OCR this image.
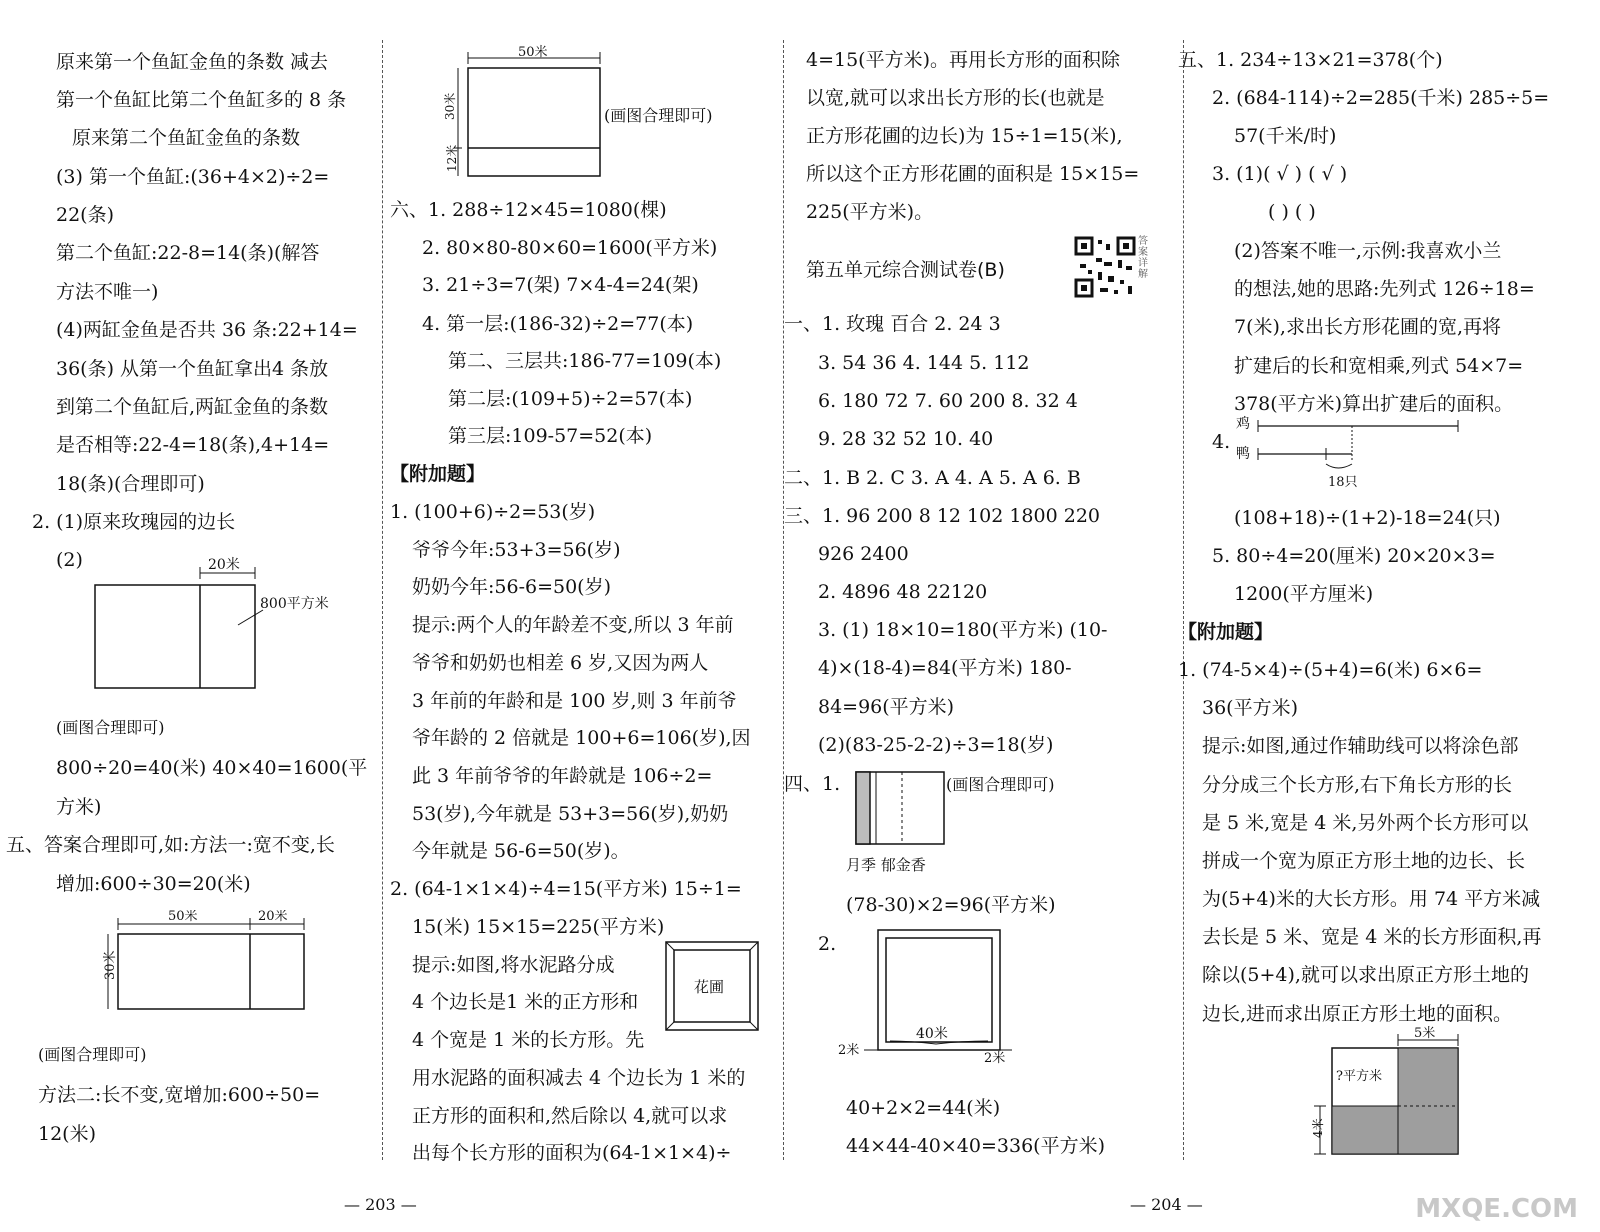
原来第一个鱼缸金鱼的条数 减去
第一个鱼缸比第二个鱼缸多的 8 条
原来第二个鱼缸金鱼的条数
(3) 第一个鱼缸:(36+4×2)÷2=
22(条)
第二个鱼缸:22-8=14(条)(解答
方法不唯一)
(4)两缸金鱼是否共 36 条:22+14=
36(条) 从第一个鱼缸拿出4 条放
到第二个鱼缸后,两缸金鱼的条数
是否相等:22-4=18(条),4+14=
18(条)(合理即可)
2. (1)原来玫瑰园的边长
(2)	20米
800平方米
(画图合理即可)
800÷20=40(米) 40×40=1600(平
方米)
五、答案合理即可,如:方法一:宽不变,长
增加:600÷30=20(米)
50米	20米
30米
(画图合理即可)
方法二:长不变,宽增加:600÷50=
12(米)
50米
30米
12米
(画图合理即可)
六、1. 288÷12×45=1080(棵)
2. 80×80-80×60=1600(平方米)
3. 21÷3=7(架) 7×4-4=24(架)
4. 第一层:(186-32)÷2=77(本)
第二、三层共:186-77=109(本)
第二层:(109+5)÷2=57(本)
第三层:109-57=52(本)
【附加题】
1. (100+6)÷2=53(岁)
爷爷今年:53+3=56(岁)
奶奶今年:56-6=50(岁)
提示:两个人的年龄差不变,所以 3 年前
爷爷和奶奶也相差 6 岁,又因为两人
3 年前的年龄和是 100 岁,则 3 年前爷
爷年龄的 2 倍就是 100+6=106(岁),因
此 3 年前爷爷的年龄就是 106÷2=
53(岁),今年就是 53+3=56(岁),奶奶
今年就是 56-6=50(岁)。
2. (64-1×1×4)÷4=15(平方米) 15÷1=
15(米) 15×15=225(平方米)
提示:如图,将水泥路分成
4 个边长是1 米的正方形和
4 个宽是 1 米的长方形。先
花圃
用水泥路的面积减去 4 个边长为 1 米的
正方形的面积和,然后除以 4,就可以求
出每个长方形的面积为(64-1×1×4)÷
4=15(平方米)。再用长方形的面积除
以宽,就可以求出长方形的长(也就是
正方形花圃的边长)为 15÷1=15(米),
所以这个正方形花圃的面积是 15×15=
225(平方米)。
第五单元综合测试卷(B)
答案详解
一、1. 玫瑰 百合 2. 24 3
3. 54 36 4. 144 5. 112
6. 180 72 7. 60 200 8. 32 4
9. 28 32 52 10. 40
二、1. B 2. C 3. A 4. A 5. A 6. B
三、1. 96 200 8 12 102 1800 220
926 2400
2. 4896 48 22120
3. (1) 18×10=180(平方米) (10-
4)×(18-4)=84(平方米) 180-
84=96(平方米)
(2)(83-25-2-2)÷3=18(岁)
四、1.	(画图合理即可)
月季 郁金香
(78-30)×2=96(平方米)
2.
40米
2米
2米
40+2×2=44(米)
44×44-40×40=336(平方米)
五、1. 234÷13×21=378(个)
2. (684-114)÷2=285(千米) 285÷5=
57(千米/时)
3. (1)( √ ) ( √ )
( ) ( )
(2)答案不唯一,示例:我喜欢小兰
的想法,她的思路:先列式 126÷18=
7(米),求出长方形花圃的宽,再将
扩建后的长和宽相乘,列式 54×7=
378(平方米)算出扩建后的面积。
4.
鸡
鸭
18只
(108+18)÷(1+2)-18=24(只)
5. 80÷4=20(厘米) 20×20×3=
1200(平方厘米)
【附加题】
1. (74-5×4)÷(5+4)=6(米) 6×6=
36(平方米)
提示:如图,通过作辅助线可以将涂色部
分分成三个长方形,右下角长方形的长
是 5 米,宽是 4 米,另外两个长方形可以
拼成一个宽为原正方形土地的边长、长
为(5+4)米的大长方形。用 74 平方米减
去长是 5 米、宽是 4 米的长方形面积,再
除以(5+4),就可以求出原正方形土地的
边长,进而求出原正方形土地的面积。
5米
?平方米
4米
— 203 —	— 204 —	MXQE.COM
